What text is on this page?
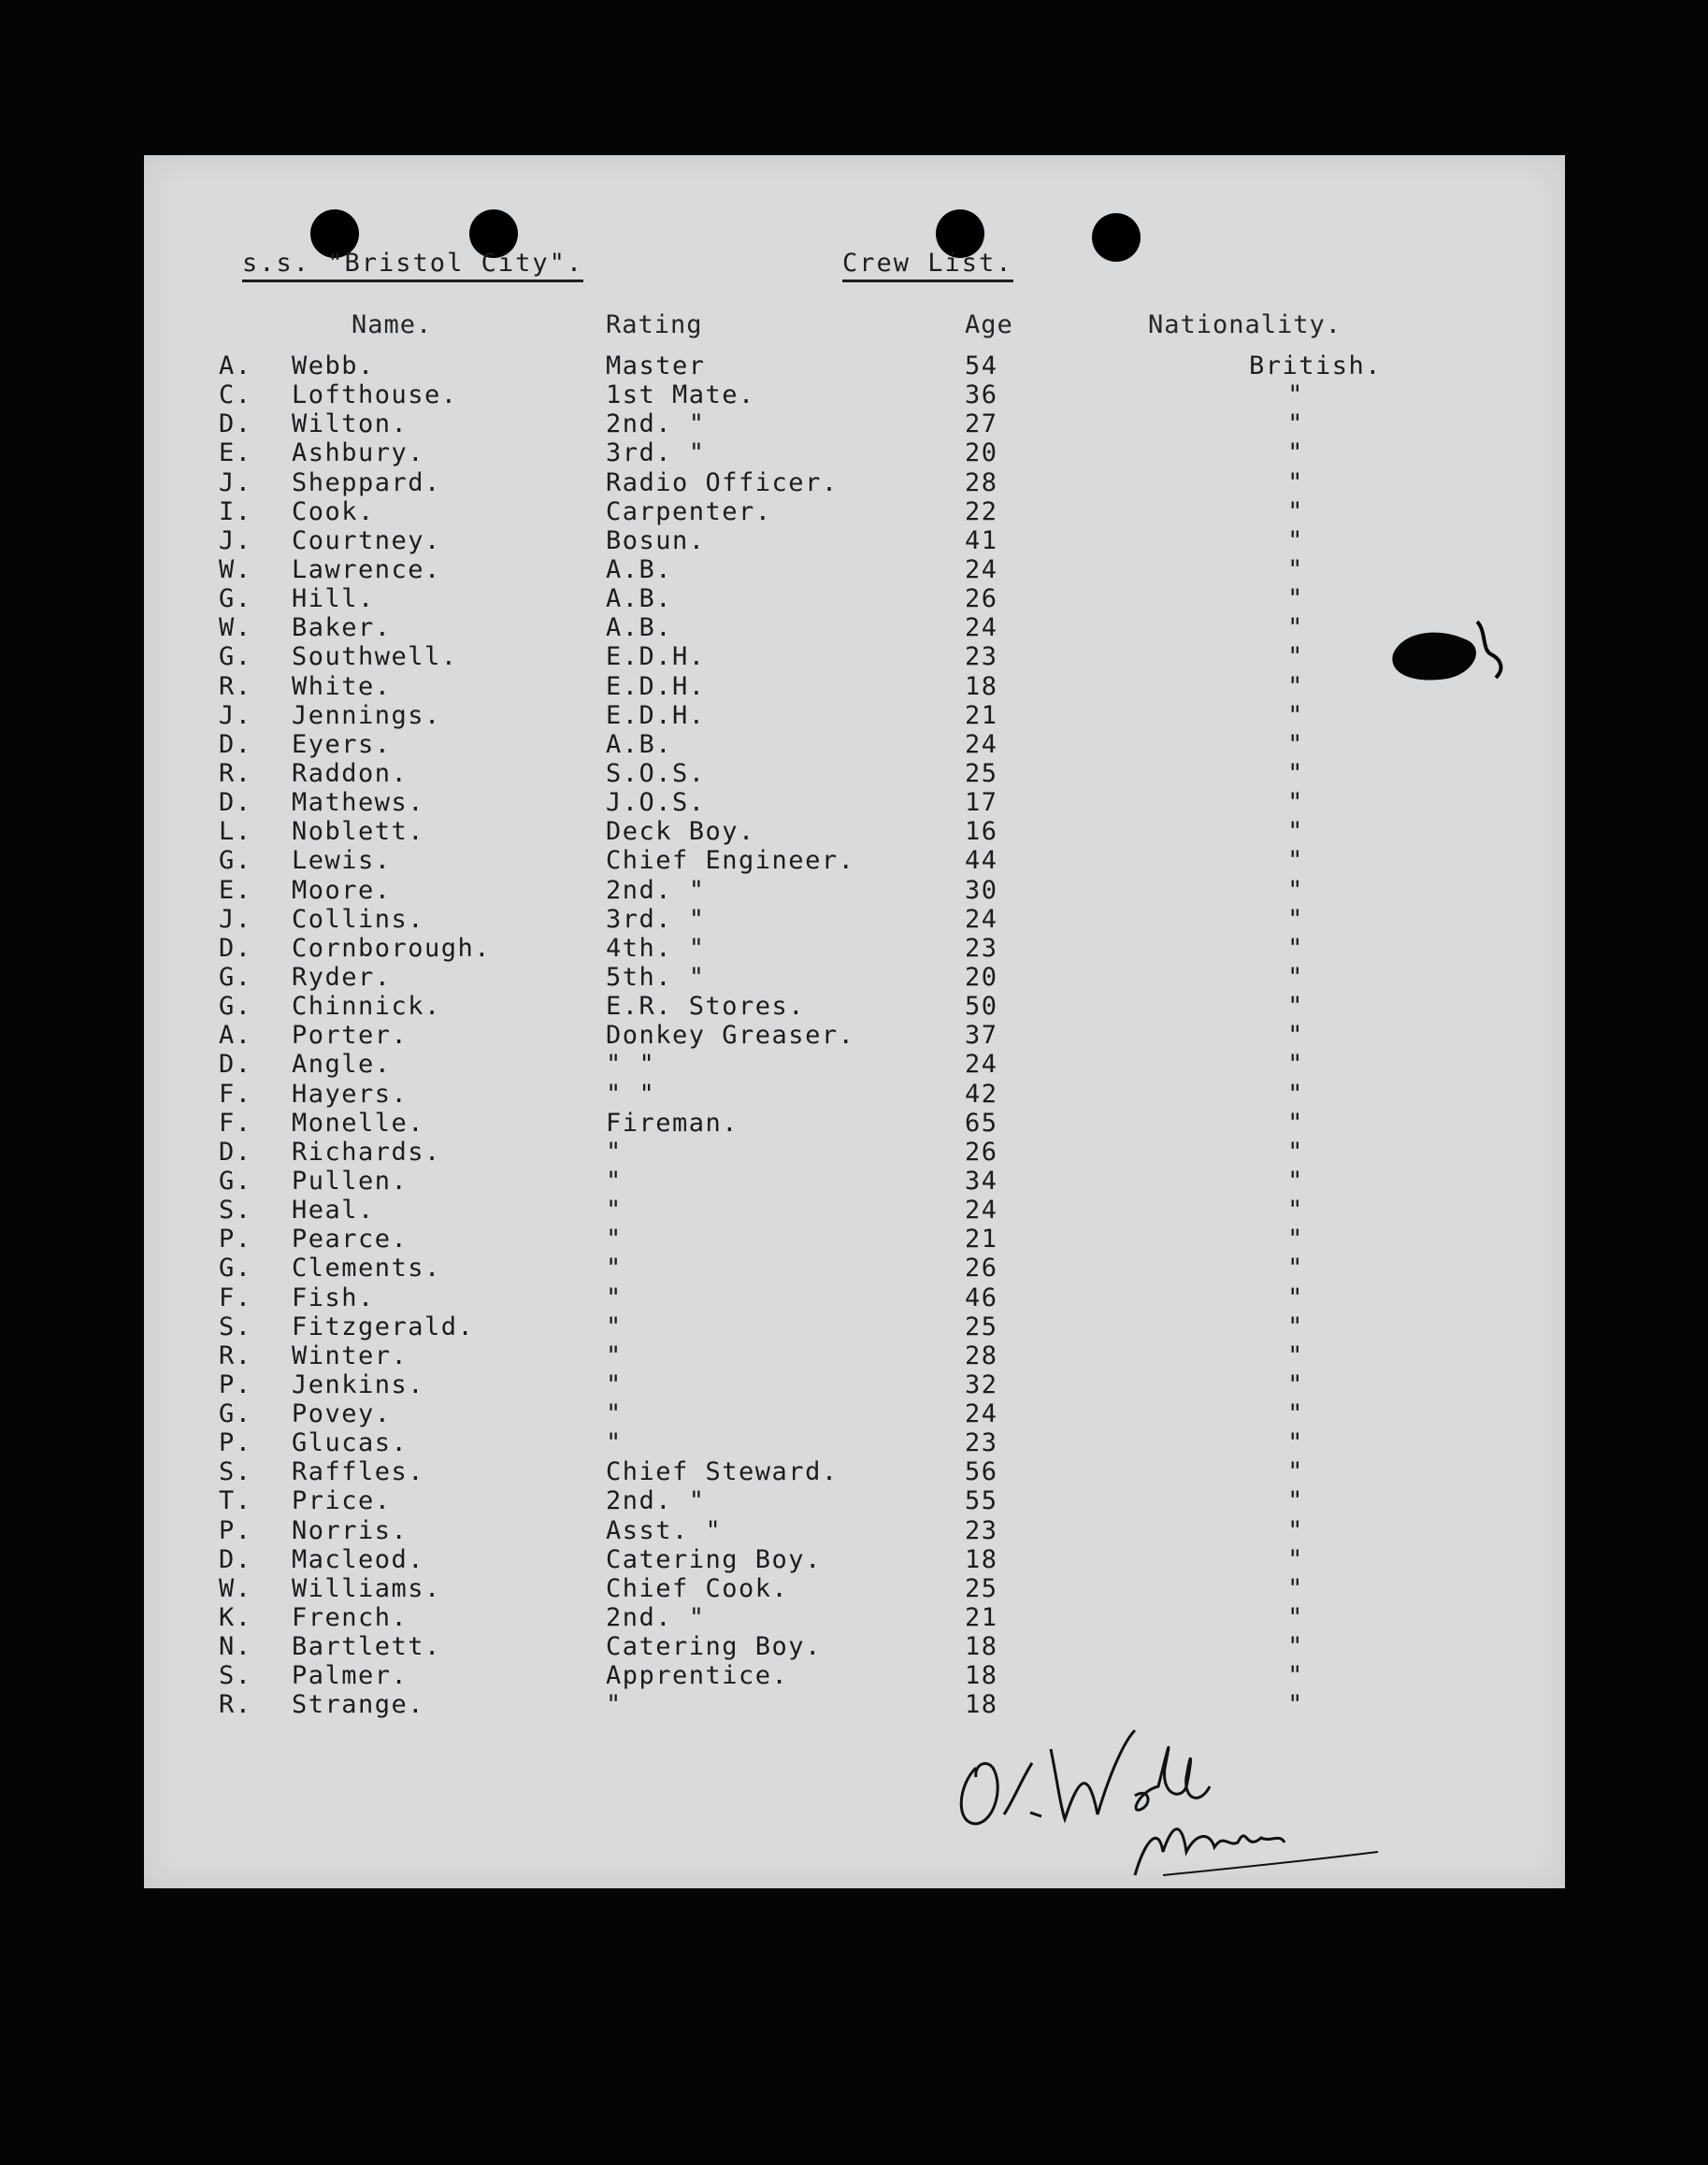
s.s. "Bristol City".	Crew List.
Name.	Rating	Age	Nationality.
A. Webb.	Master	54	British.
C. Lofthouse.	1st Mate.	36	"
D. Wilton.	2nd. "	27	"
E. Ashbury.	3rd. "	20	"
J. Sheppard.	Radio Officer.	28	"
I. Cook.	Carpenter.	22	"
J. Courtney.	Bosun.	41	"
W. Lawrence.	A.B.	24	"
G. Hill.	A.B.	26	"
W. Baker.	A.B.	24	"
G. Southwell.	E.D.H.	23	"
R. White.	E.D.H.	18	"
J. Jennings.	E.D.H.	21	"
D. Eyers.	A.B.	24	"
R. Raddon.	S.O.S.	25	"
D. Mathews.	J.O.S.	17	"
L. Noblett.	Deck Boy.	16	"
G. Lewis.	Chief Engineer.	44	"
E. Moore.	2nd. "	30	"
J. Collins.	3rd. "	24	"
D. Cornborough.	4th. "	23	"
G. Ryder.	5th. "	20	"
G. Chinnick.	E.R. Stores.	50	"
A. Porter.	Donkey Greaser.	37	"
D. Angle.	" "	24	"
F. Hayers.	" "	42	"
F. Monelle.	Fireman.	65	"
D. Richards.	"	26	"
G. Pullen.	"	34	"
S. Heal.	"	24	"
P. Pearce.	"	21	"
G. Clements.	"	26	"
F. Fish.	"	46	"
S. Fitzgerald.	"	25	"
R. Winter.	"	28	"
P. Jenkins.	"	32	"
G. Povey.	"	24	"
P. Glucas.	"	23	"
S. Raffles.	Chief Steward.	56	"
T. Price.	2nd. "	55	"
P. Norris.	Asst. "	23	"
D. Macleod.	Catering Boy.	18	"
W. Williams.	Chief Cook.	25	"
K. French.	2nd. "	21	"
N. Bartlett.	Catering Boy.	18	"
S. Palmer.	Apprentice.	18	"
R. Strange.	"	18	"
